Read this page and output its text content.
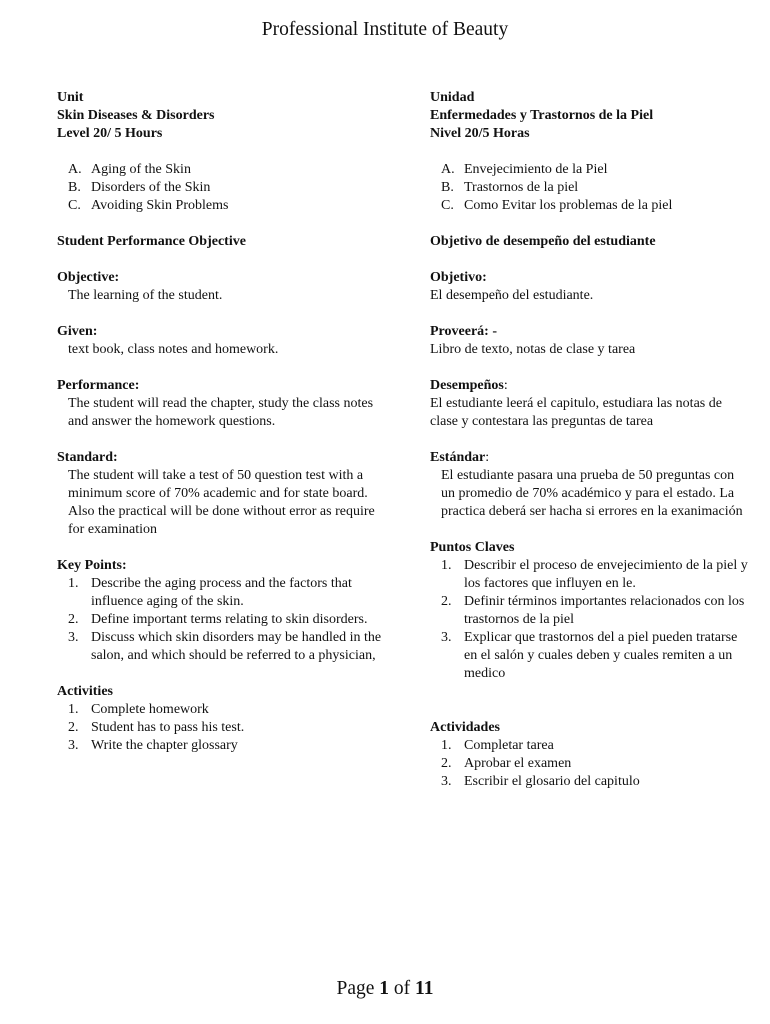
Professional Institute of Beauty

Unit

Skin Diseases & Disorders

Level 20/ 5 Hours

A. Aging of the Skin
B. Disorders of the Skin
C. Avoiding Skin Problems

Student Performance Objective

Objective:

The learning of the student.

Given:

text book, class notes and homework.

Performance:

The student will read the chapter, study the class notes and answer the homework questions.

Standard:

The student will take a test of 50 question test with a minimum score of 70% academic and for state board. Also the practical will be done without error as require for examination

Key Points:

1. Describe the aging process and the factors that influence aging of the skin.
2. Define important terms relating to skin disorders.
3. Discuss which skin disorders may be handled in the salon, and which should be referred to a physician,

Activities

1. Complete homework
2. Student has to pass his test.
3. Write the chapter glossary

Unidad

Enfermedades y Trastornos de la Piel

Nivel 20/5 Horas

A. Envejecimiento de la Piel
B. Trastornos de la piel
C. Como Evitar los problemas de la piel

Objetivo de desempeño del estudiante

Objetivo:

El desempeño del estudiante.

Proveerá: -

Libro de texto, notas de clase y tarea

Desempeños:

El estudiante leerá el capitulo, estudiara las notas de clase y contestara las preguntas de tarea

Estándar:

El estudiante pasara una prueba de 50 preguntas con un promedio de 70% académico y para el estado. La practica deberá ser hacha si errores en la exanimación

Puntos Claves

1. Describir el proceso de envejecimiento de la piel y los factores que influyen en le.
2. Definir términos importantes relacionados con los trastornos de la piel
3. Explicar que trastornos del a piel pueden tratarse en el salón y cuales deben y cuales remiten a un medico

Actividades

1. Completar tarea
2. Aprobar el examen
3. Escribir el glosario del capitulo
Page 1 of 11
